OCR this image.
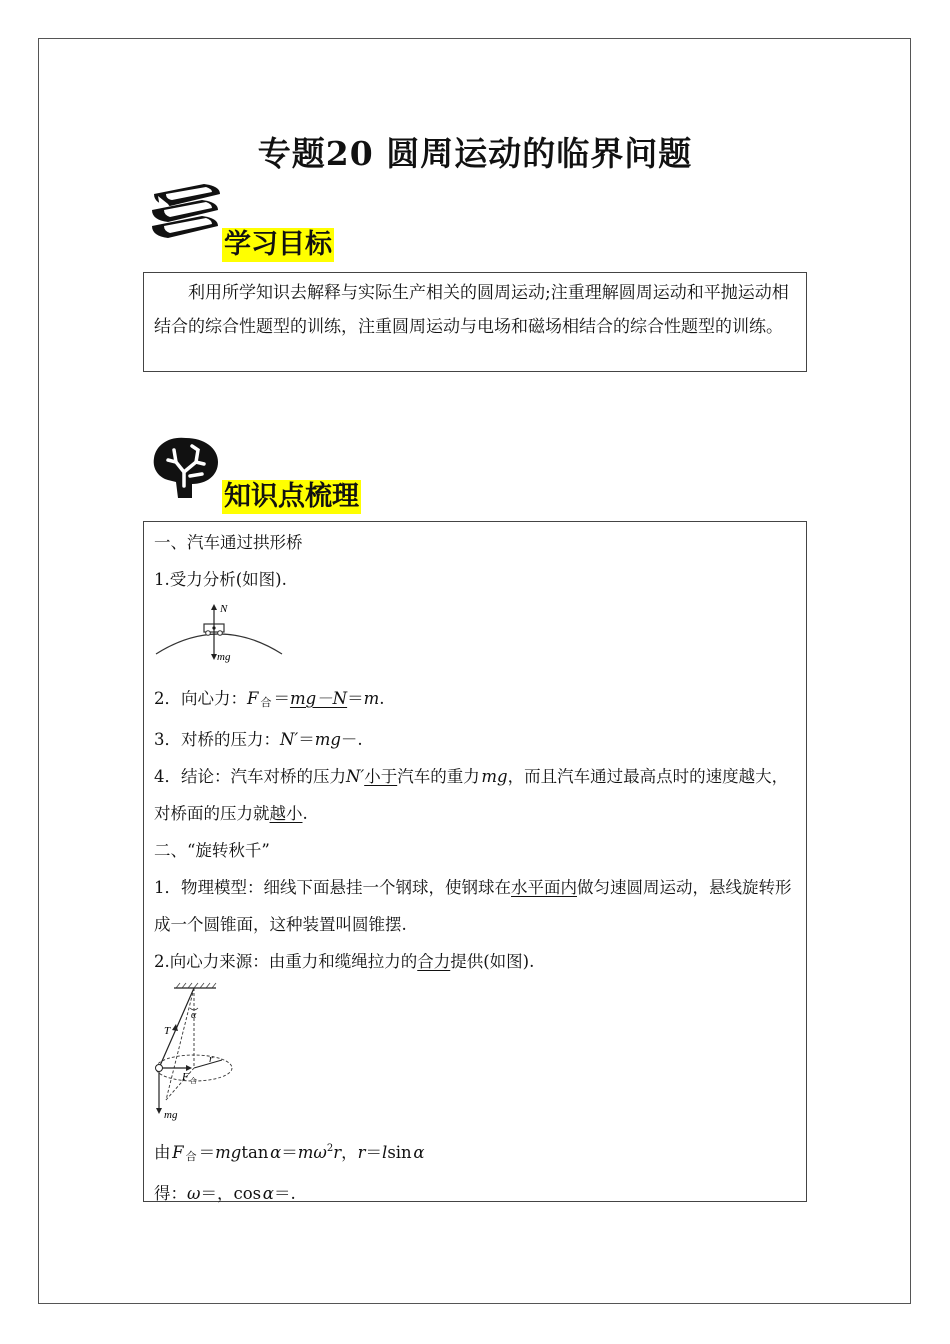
专题20 圆周运动的临界问题
学习目标

利用所学知识去解释与实际生产相关的圆周运动;注重理解圆周运动和平抛运动相结合的综合性题型的训练，注重圆周运动与电场和磁场相结合的综合性题型的训练。

知识点梳理
一、汽车通过拱形桥
1.受力分析(如图).
N
mg
2．向心力：F 合 ＝mg－N＝m.
3．对桥的压力：N′＝mg－.
4．结论：汽车对桥的压力N′小于汽车的重力  mg，而且汽车通过最高点时的速度越大，对桥面的压力就越小.
二、“旋转秋千”
1．物理模型：细线下面悬挂一个钢球，使钢球在水平面内做匀速圆周运动，悬线旋转形成一个圆锥面，这种装置叫圆锥摆.
2.向心力来源：由重力和缆绳拉力的合力提供(如图).
α
T
F 合
r
mg
由  F 合 ＝mgtan  $\alpha=m\omega^2r$，r＝lsin  α
得：ω＝，cos  α＝.
